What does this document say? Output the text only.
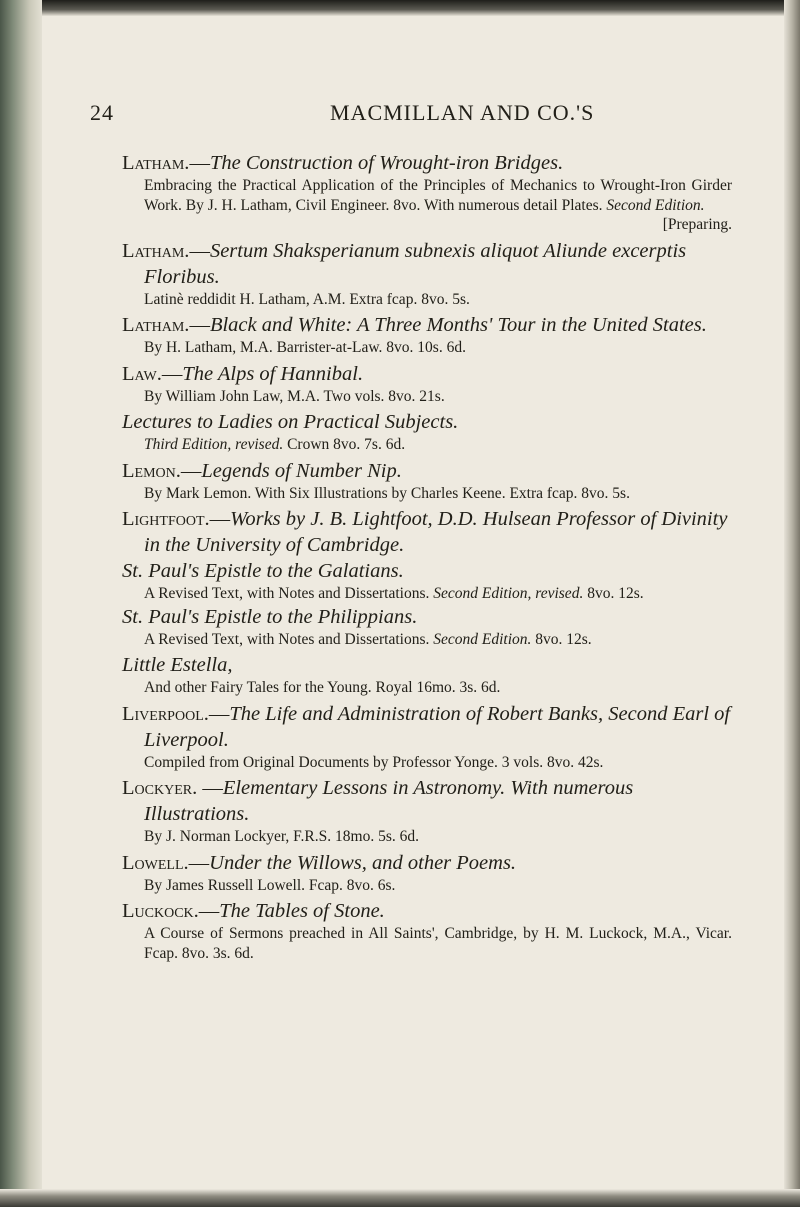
24	MACMILLAN AND CO.'S

Latham.—The Construction of Wrought-iron Bridges.

Embracing the Practical Application of the Principles of Mechanics to Wrought-Iron Girder Work. By J. H. Latham, Civil Engineer. 8vo. With numerous detail Plates. Second Edition.
[Preparing.

Latham.—Sertum Shaksperianum subnexis aliquot Aliunde excerptis Floribus.

Latinè reddidit H. Latham, A.M. Extra fcap. 8vo. 5s.

Latham.—Black and White: A Three Months' Tour in the United States.

By H. Latham, M.A. Barrister-at-Law. 8vo. 10s. 6d.

Law.—The Alps of Hannibal.

By William John Law, M.A. Two vols. 8vo. 21s.

Lectures to Ladies on Practical Subjects.

Third Edition, revised. Crown 8vo. 7s. 6d.

Lemon.—Legends of Number Nip.

By Mark Lemon. With Six Illustrations by Charles Keene. Extra fcap. 8vo. 5s.

Lightfoot.—Works by J. B. Lightfoot, D.D. Hulsean Professor of Divinity in the University of Cambridge.

St. Paul's Epistle to the Galatians.

A Revised Text, with Notes and Dissertations. Second Edition, revised. 8vo. 12s.

St. Paul's Epistle to the Philippians.

A Revised Text, with Notes and Dissertations. Second Edition. 8vo. 12s.

Little Estella,

And other Fairy Tales for the Young. Royal 16mo. 3s. 6d.

Liverpool.—The Life and Administration of Robert Banks, Second Earl of Liverpool.

Compiled from Original Documents by Professor Yonge. 3 vols. 8vo. 42s.

Lockyer. —Elementary Lessons in Astronomy. With numerous Illustrations.

By J. Norman Lockyer, F.R.S. 18mo. 5s. 6d.

Lowell.—Under the Willows, and other Poems.

By James Russell Lowell. Fcap. 8vo. 6s.

Luckock.—The Tables of Stone.

A Course of Sermons preached in All Saints', Cambridge, by H. M. Luckock, M.A., Vicar. Fcap. 8vo. 3s. 6d.
